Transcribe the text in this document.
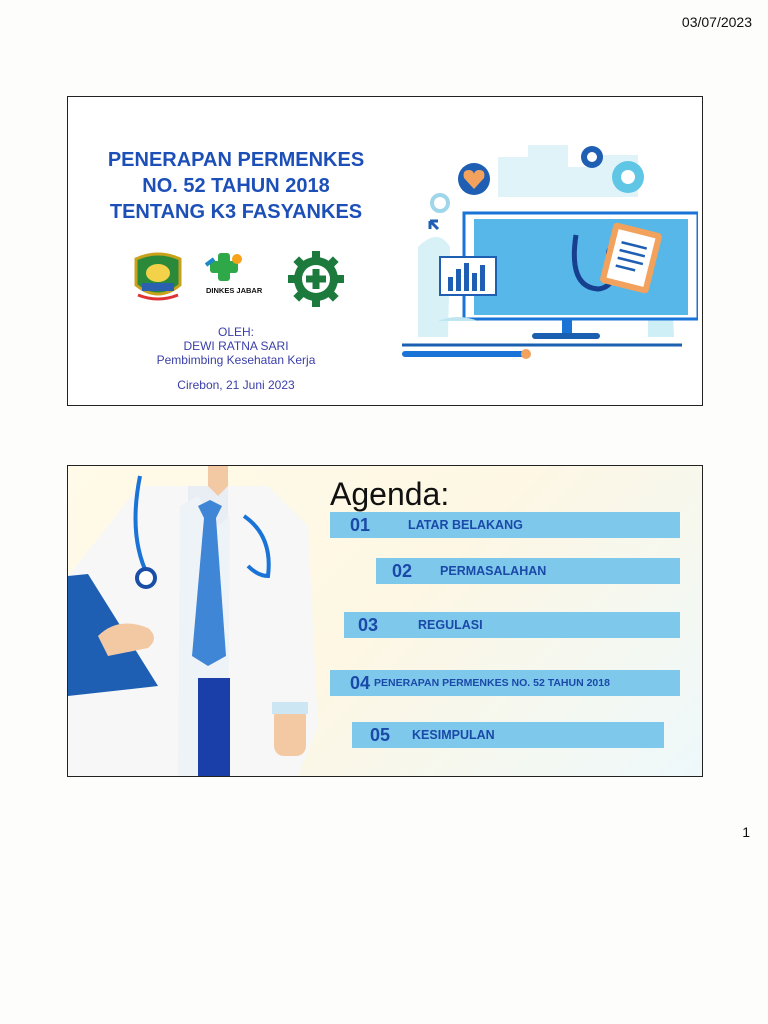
03/07/2023
PENERAPAN PERMENKES
NO. 52 TAHUN 2018
TENTANG K3 FASYANKES
DINKES JABAR
OLEH:
DEWI RATNA SARI
Pembimbing Kesehatan Kerja
Cirebon, 21 Juni 2023
Agenda:
01	LATAR BELAKANG
02 PERMASALAHAN
03	REGULASI
04 PENERAPAN PERMENKES NO. 52 TAHUN 2018
05 KESIMPULAN
1
